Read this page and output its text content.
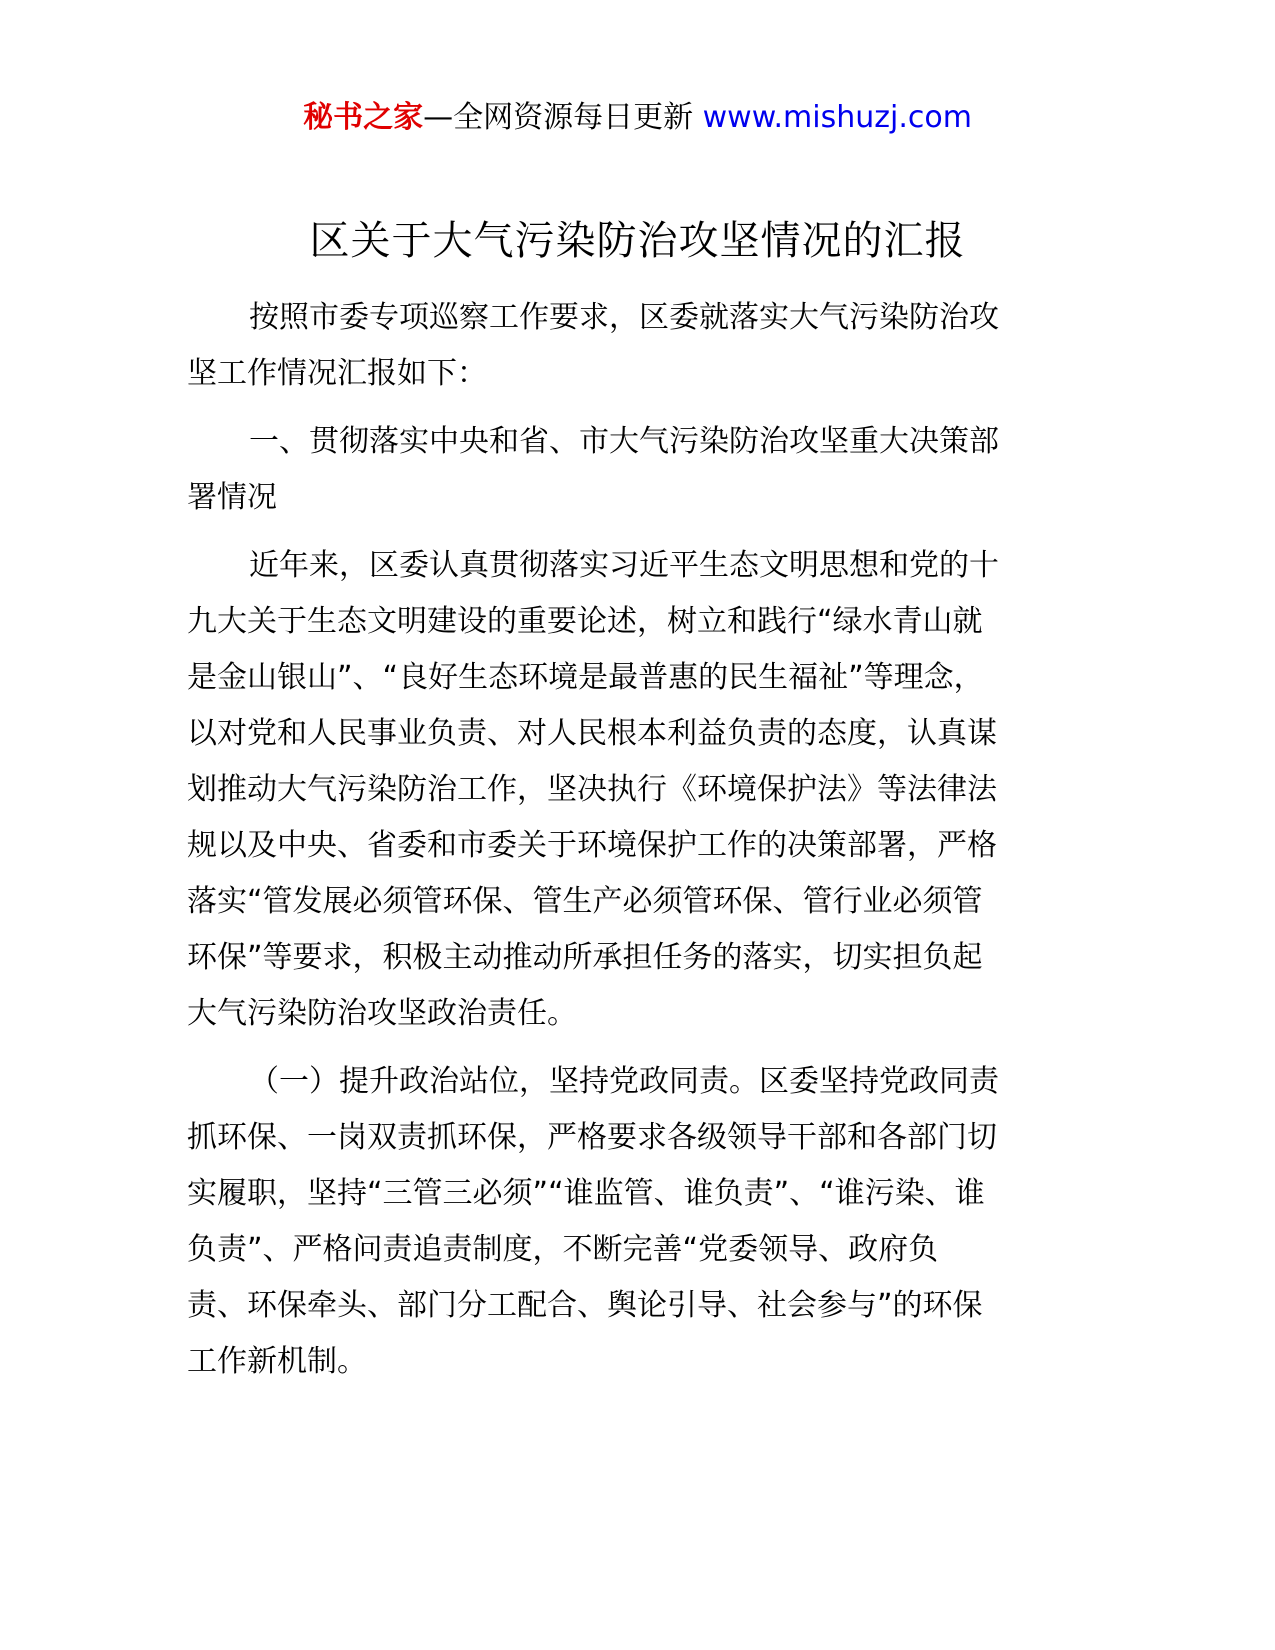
秘书之家—全网资源每日更新 www.mishuzj.com
区关于大气污染防治攻坚情况的汇报

按照市委专项巡察工作要求，区委就落实大气污染防治攻
坚工作情况汇报如下：

一、贯彻落实中央和省、市大气污染防治攻坚重大决策部
署情况

近年来，区委认真贯彻落实习近平生态文明思想和党的十
九大关于生态文明建设的重要论述，树立和践行“绿水青山就
是金山银山”、“良好生态环境是最普惠的民生福祉”等理念，
以对党和人民事业负责、对人民根本利益负责的态度，认真谋
划推动大气污染防治工作，坚决执行《环境保护法》等法律法
规以及中央、省委和市委关于环境保护工作的决策部署，严格
落实“管发展必须管环保、管生产必须管环保、管行业必须管
环保”等要求，积极主动推动所承担任务的落实，切实担负起
大气污染防治攻坚政治责任。

（一）提升政治站位，坚持党政同责。区委坚持党政同责
抓环保、一岗双责抓环保，严格要求各级领导干部和各部门切
实履职，坚持“三管三必须”“谁监管、谁负责”、“谁污染、谁
负责”、严格问责追责制度，不断完善“党委领导、政府负
责、环保牵头、部门分工配合、舆论引导、社会参与”的环保
工作新机制。
